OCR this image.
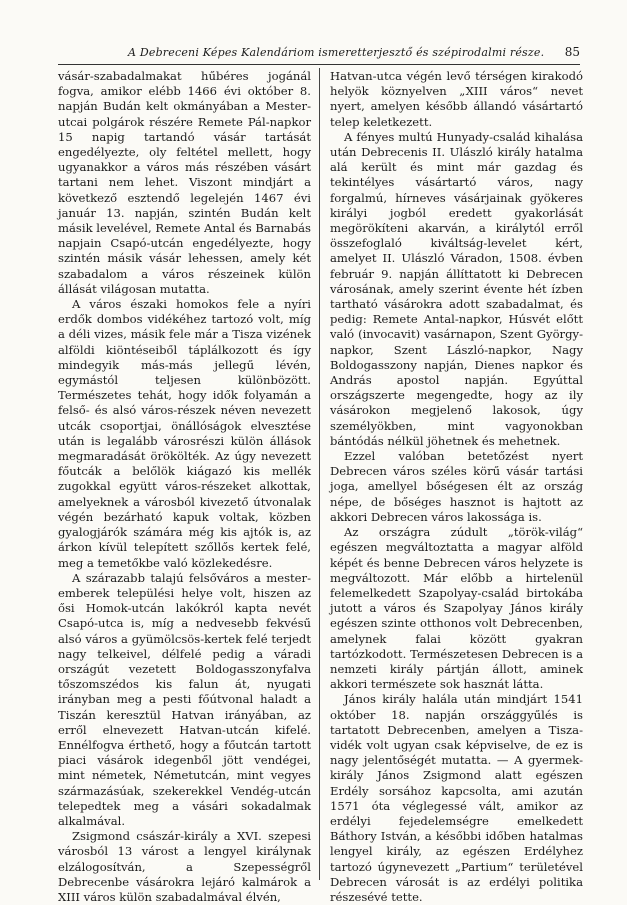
A Debreceni Képes Kalendáriom ismeretterjesztő és szépirodalmi része. 85

vásár-szabadalmakat hűbéres jogánál fogva, amikor elébb 1466 évi október 8. napján Budán kelt okmányában a Mester-utcai polgárok részére Remete Pál-napkor 15 napig tartandó vásár tartását engedélyezte, oly feltétel mellett, hogy ugyanakkor a város más részében vásárt tartani nem lehet. Viszont mindjárt a következő esztendő legelején 1467 évi január 13. napján, szintén Budán kelt másik levelével, Remete Antal és Barnabás napjain Csapó-utcán engedélyezte, hogy szintén másik vásár lehessen, amely két szabadalom a város részeinek külön állását világosan mutatta.

A város északi homokos fele a nyíri erdők dombos vidékéhez tartozó volt, míg a déli vizes, másik fele már a Tisza vizének alföldi kiöntéseiből táplálkozott és így mindegyik más-más jellegű lévén, egymástól teljesen különbözött. Természetes tehát, hogy idők folyamán a felső- és alsó város-részek néven nevezett utcák csoportjai, önállóságok elvesztése után is legalább városrészi külön állások megmaradását örökölték. Az úgy nevezett főutcák a belőlök kiágazó kis mellék zugokkal együtt város-részeket alkottak, amelyeknek a városból kivezető útvonalak végén bezárható kapuk voltak, közben gyalogjárók számára még kis ajtók is, az árkon kívül telepített szőllős kertek felé, meg a temetőkbe való közlekedésre.

A szárazabb talajú felsőváros a mester-emberek települési helye volt, hiszen az ősi Homok-utcán lakókról kapta nevét Csapó-utca is, míg a nedvesebb fekvésű alsó város a gyümölcsös-kertek felé terjedt nagy telkeivel, délfelé pedig a váradi országút vezetett Boldogasszonyfalva tőszomszédos kis falun át, nyugati irányban meg a pesti főútvonal haladt a Tiszán keresztül Hatvan irányában, az erről elnevezett Hatvan-utcán kifelé. Ennélfogva érthető, hogy a főutcán tartott piaci vásárok idegenből jött vendégei, mint németek, Németutcán, mint vegyes származásúak, szekerekkel Vendég-utcán telepedtek meg a vásári sokadalmak alkalmával.

Zsigmond császár-király a XVI. szepesi városból 13 várost a lengyel királynak elzálogosítván, a Szepességről Debrecenbe vásárokra lejáró kalmárok a XIII város külön szabadalmával élvén,

Hatvan-utca végén levő térségen kirakodó helyök köznyelven „XIII város“ nevet nyert, amelyen később állandó vásártartó telep keletkezett.

A fényes multú Hunyady-család kihalása után Debrecenis II. Ulászló király hatalma alá került és mint már gazdag és tekintélyes vásártartó város, nagy forgalmú, hírneves vásárjainak gyökeres királyi jogból eredett gyakorlását megörökíteni akarván, a királytól erről összefoglaló kiváltság-levelet kért, amelyet II. Ulászló Váradon, 1508. évben február 9. napján állíttatott ki Debrecen városának, amely szerint évente hét ízben tartható vásárokra adott szabadalmat, és pedig: Remete Antal-napkor, Húsvét előtt való (invocavit) vasárnapon, Szent György-napkor, Szent László-napkor, Nagy Boldogasszony napján, Dienes napkor és András apostol napján. Egyúttal országszerte megengedte, hogy az ily vásárokon megjelenő lakosok, úgy személyökben, mint vagyonokban bántódás nélkül jöhetnek és mehetnek.

Ezzel valóban betetőzést nyert Debrecen város széles körű vásár tartási joga, amellyel bőségesen élt az ország népe, de bőséges hasznot is hajtott az akkori Debrecen város lakossága is.

Az országra zúdult „török-világ“ egészen megváltoztatta a magyar alföld képét és benne Debrecen város helyzete is megváltozott. Már előbb a hirtelenül felemelkedett Szapolyay-család birtokába jutott a város és Szapolyay János király egészen szinte otthonos volt Debrecenben, amelynek falai között gyakran tartózkodott. Természetesen Debrecen is a nemzeti király pártján állott, aminek akkori természete sok hasznát látta.

János király halála után mindjárt 1541 október 18. napján országgyűlés is tartatott Debrecenben, amelyen a Tisza-vidék volt ugyan csak képviselve, de ez is nagy jelentőségét mutatta. — A gyermek-király János Zsigmond alatt egészen Erdély sorsához kapcsolta, ami azután 1571 óta véglegessé vált, amikor az erdélyi fejedelemségre emelkedett Báthory István, a későbbi időben hatalmas lengyel király, az egészen Erdélyhez tartozó úgynevezett „Partium“ területével Debrecen városát is az erdélyi politika részesévé tette.
